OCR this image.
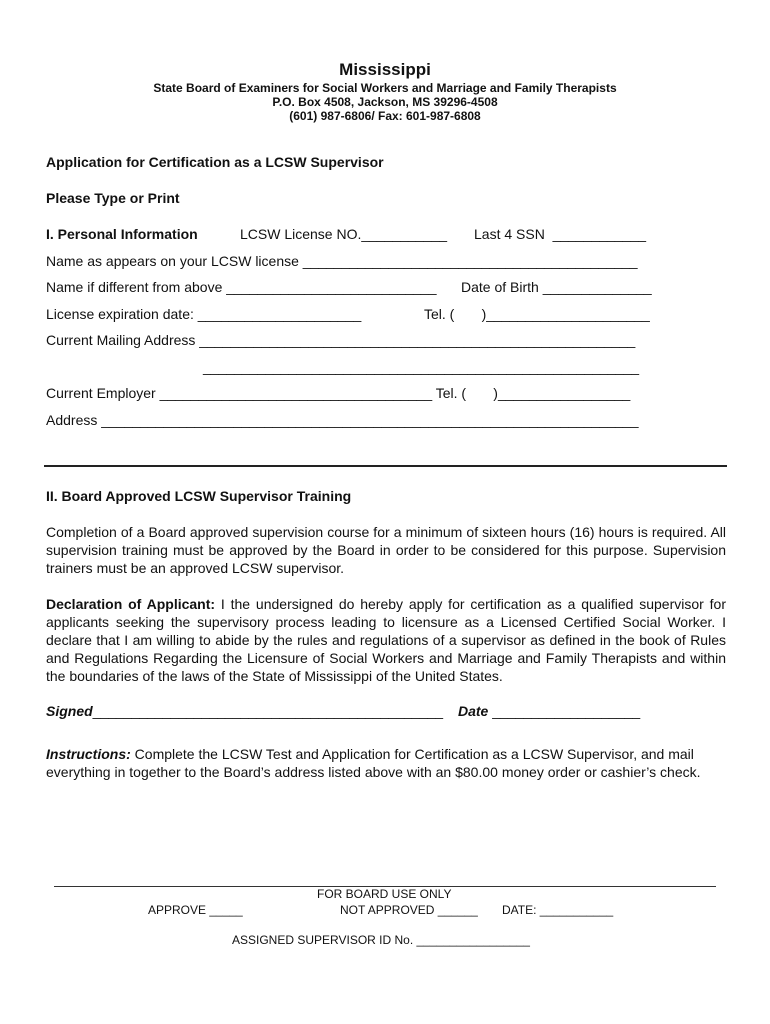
Mississippi
State Board of Examiners for Social Workers and Marriage and Family Therapists
P.O. Box 4508, Jackson, MS 39296-4508
(601) 987-6806/ Fax: 601-987-6808
Application for Certification as a LCSW Supervisor
Please Type or Print
I. Personal Information	LCSW License NO.___________ Last 4 SSN  ____________
Name as appears on your LCSW license ___________________________________________
Name if different from above ___________________________ Date of Birth ______________
License expiration date: _____________________	Tel. (       )_____________________
Current Mailing Address ________________________________________________________
________________________________________________________
Current Employer ___________________________________ Tel. (       )_________________
Address _____________________________________________________________________
II. Board Approved LCSW Supervisor Training
Completion of a Board approved supervision course for a minimum of sixteen hours (16) hours is required. All supervision training must be approved by the Board in order to be considered for this purpose. Supervision trainers must be an approved LCSW supervisor.
Declaration of Applicant: I the undersigned do hereby apply for certification as a qualified supervisor for applicants seeking the supervisory process leading to licensure as a Licensed Certified Social Worker. I declare that I am willing to abide by the rules and regulations of a supervisor as defined in the book of Rules and Regulations Regarding the Licensure of Social Workers and Marriage and Family Therapists and within the boundaries of the laws of the State of Mississippi of the United States.
Signed_____________________________________________ Date ___________________
Instructions: Complete the LCSW Test and Application for Certification as a LCSW Supervisor, and mail everything in together to the Board’s address listed above with an $80.00 money order or cashier’s check.
FOR BOARD USE ONLY
APPROVE _____	NOT APPROVED ______ DATE: ___________
ASSIGNED SUPERVISOR ID No. _________________
